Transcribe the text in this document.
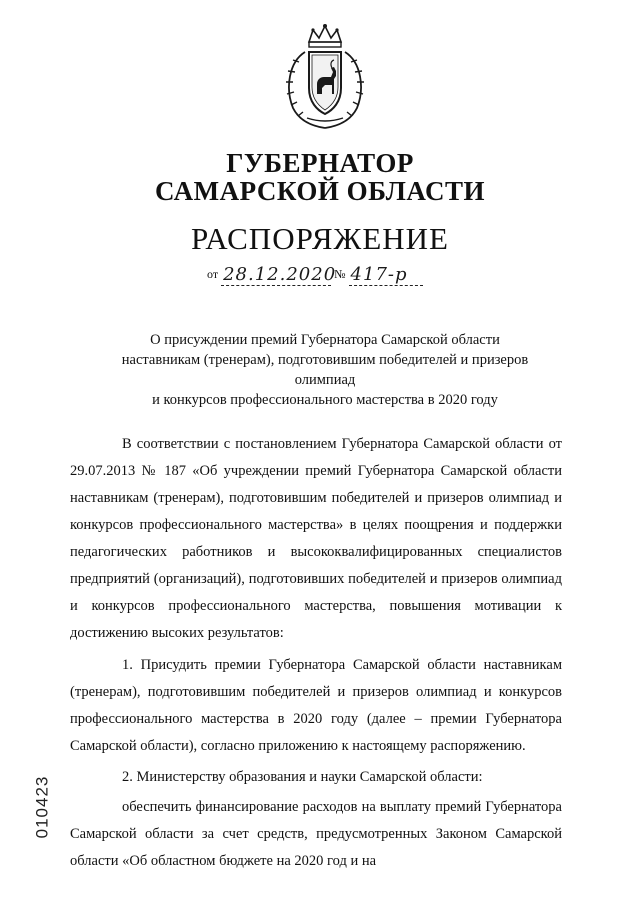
ГУБЕРНАТОР
САМАРСКОЙ ОБЛАСТИ
РАСПОРЯЖЕНИЕ
от 28.12.2020 № 417-р
О присуждении премий Губернатора Самарской области
наставникам (тренерам), подготовившим победителей и призеров олимпиад
и конкурсов профессионального мастерства в 2020 году

В соответствии с постановлением Губернатора Самарской области от 29.07.2013 № 187 «Об учреждении премий Губернатора Самарской области наставникам (тренерам), подготовившим победителей и призеров олимпиад и конкурсов профессионального мастерства» в целях поощрения и поддержки педагогических работников и высококвалифицированных специалистов предприятий (организаций), подготовивших победителей и призеров олимпиад и конкурсов профессионального мастерства, повышения мотивации к достижению высоких результатов:

1. Присудить премии Губернатора Самарской области наставникам (тренерам), подготовившим победителей и призеров олимпиад и конкурсов профессионального мастерства в 2020 году (далее – премии Губернатора Самарской области), согласно приложению к настоящему распоряжению.

2. Министерству образования и науки Самарской области:

обеспечить финансирование расходов на выплату премий Губернатора Самарской области за счет средств, предусмотренных Законом Самарской области «Об областном бюджете на 2020 год и на

010423
